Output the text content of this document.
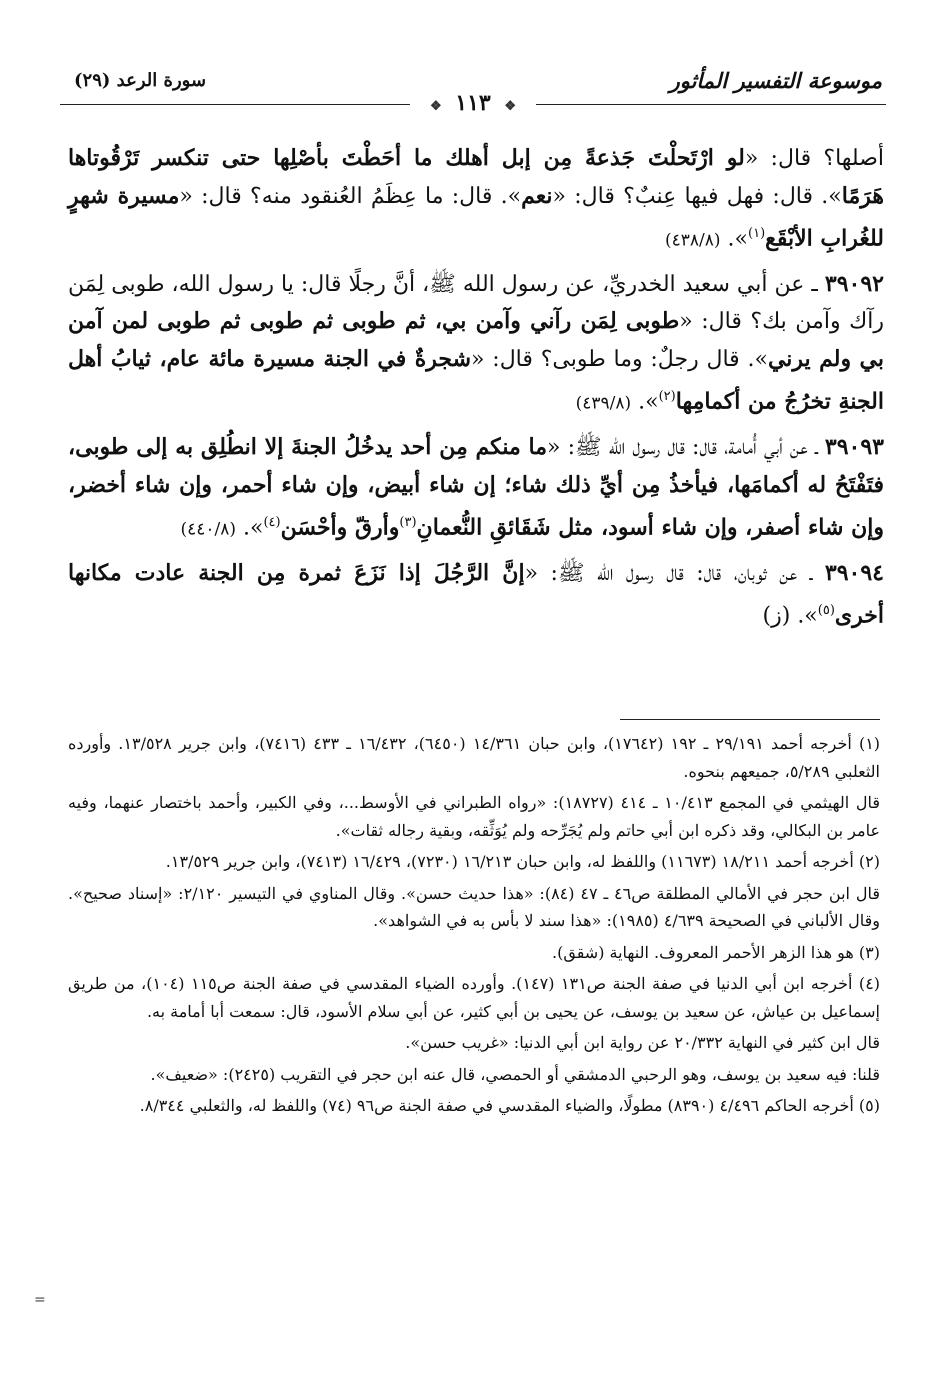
سورة الرعد (٢٩)	موسوعة التفسير المأثور
❖ ١١٣ ❖

أصلها؟ قال: «لو ارْتَحلْتَ جَذعةً مِن إبل أهلك ما أحَطْتَ بأصْلِها حتى تنكسر تَرْقُوتاها هَرَمًا». قال: فهل فيها عِنبٌ؟ قال: «نعم». قال: ما عِظَمُ العُنقود منه؟ قال: «مسيرة شهرٍ للغُرابِ الأبْقَع$^{(١)}$». (٤٣٨/٨)

٣٩٠٩٢ ـ عن أبي سعيد الخدريِّ، عن رسول الله ﷺ، أنَّ رجلًا قال: يا رسول الله، طوبى لِمَن رآك وآمن بك؟ قال: «طوبى لِمَن رآني وآمن بي، ثم طوبى ثم طوبى ثم طوبى لمن آمن بي ولم يرني». قال رجلٌ: وما طوبى؟ قال: «شجرةٌ في الجنة مسيرة مائة عام، ثيابُ أهل الجنةِ تخرُجُ من أكمامِها$^{(٢)}$». (٤٣٩/٨)

٣٩٠٩٣ ـ عن أبي أُمامة، قال: قال رسول الله ﷺ: «ما منكم مِن أحد يدخُلُ الجنةَ إلا انطُلِق به إلى طوبى، فتَفْتَحُ له أكمامَها، فيأخذُ مِن أيِّ ذلك شاء؛ إن شاء أبيض، وإن شاء أحمر، وإن شاء أخضر، وإن شاء أصفر، وإن شاء أسود، مثل شَقَائقِ النُّعمانِ$^{(٣)}$وأرقّ وأحْسَن$^{(٤)}$». (٤٤٠/٨)

٣٩٠٩٤ ـ عن ثوبان، قال: قال رسول الله ﷺ: «إنَّ الرَّجُلَ إذا نَزَعَ ثمرة مِن الجنة عادت مكانها أخرى$^{(٥)}$». (ز)

(١) أخرجه أحمد ٢٩/١٩١ ـ ١٩٢ (١٧٦٤٢)، وابن حبان ١٤/٣٦١ (٦٤٥٠)، ١٦/٤٣٢ ـ ٤٣٣ (٧٤١٦)، وابن جرير ١٣/٥٢٨. وأورده الثعلبي ٥/٢٨٩، جميعهم بنحوه.

قال الهيثمي في المجمع ١٠/٤١٣ ـ ٤١٤ (١٨٧٢٧): «رواه الطبراني في الأوسط...، وفي الكبير، وأحمد باختصار عنهما، وفيه عامر بن البكالي، وقد ذكره ابن أبي حاتم ولم يُجَرِّحه ولم يُوَثِّقه، وبقية رجاله ثقات».

(٢) أخرجه أحمد ١٨/٢١١ (١١٦٧٣) واللفظ له، وابن حبان ١٦/٢١٣ (٧٢٣٠)، ١٦/٤٢٩ (٧٤١٣)، وابن جرير ١٣/٥٢٩.

قال ابن حجر في الأمالي المطلقة ص٤٦ ـ ٤٧ (٨٤): «هذا حديث حسن». وقال المناوي في التيسير ٢/١٢٠: «إسناد صحيح». وقال الألباني في الصحيحة ٤/٦٣٩ (١٩٨٥): «هذا سند لا بأس به في الشواهد».

(٣) هو هذا الزهر الأحمر المعروف. النهاية (شقق).

(٤) أخرجه ابن أبي الدنيا في صفة الجنة ص١٣١ (١٤٧). وأورده الضياء المقدسي في صفة الجنة ص١١٥ (١٠٤)، من طريق إسماعيل بن عياش، عن سعيد بن يوسف، عن يحيى بن أبي كثير، عن أبي سلام الأسود، قال: سمعت أبا أمامة به.

قال ابن كثير في النهاية ٢٠/٣٣٢ عن رواية ابن أبي الدنيا: «غريب حسن».

قلنا: فيه سعيد بن يوسف، وهو الرحبي الدمشقي أو الحمصي، قال عنه ابن حجر في التقريب (٢٤٢٥): «ضعيف».

(٥) أخرجه الحاكم ٤/٤٩٦ (٨٣٩٠) مطولًا، والضياء المقدسي في صفة الجنة ص٩٦ (٧٤) واللفظ له، والثعلبي ٨/٣٤٤.

=
